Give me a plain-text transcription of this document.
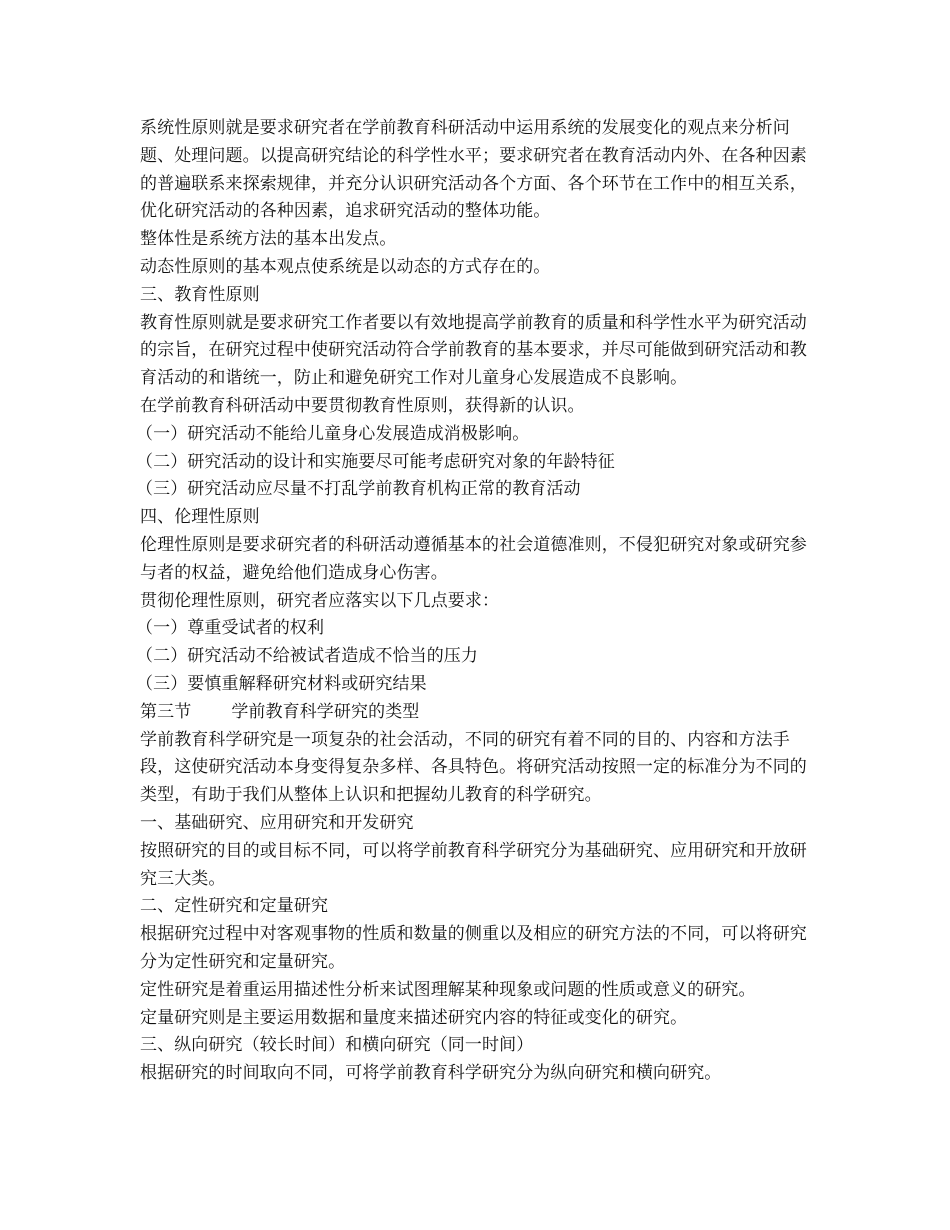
系统性原则就是要求研究者在学前教育科研活动中运用系统的发展变化的观点来分析问题、处理问题。以提高研究结论的科学性水平；要求研究者在教育活动内外、在各种因素的普遍联系来探索规律，并充分认识研究活动各个方面、各个环节在工作中的相互关系，优化研究活动的各种因素，追求研究活动的整体功能。

整体性是系统方法的基本出发点。

动态性原则的基本观点使系统是以动态的方式存在的。

三、教育性原则

教育性原则就是要求研究工作者要以有效地提高学前教育的质量和科学性水平为研究活动的宗旨，在研究过程中使研究活动符合学前教育的基本要求，并尽可能做到研究活动和教育活动的和谐统一，防止和避免研究工作对儿童身心发展造成不良影响。

在学前教育科研活动中要贯彻教育性原则，获得新的认识。

（一）研究活动不能给儿童身心发展造成消极影响。

（二）研究活动的设计和实施要尽可能考虑研究对象的年龄特征

（三）研究活动应尽量不打乱学前教育机构正常的教育活动

四、伦理性原则

伦理性原则是要求研究者的科研活动遵循基本的社会道德准则，不侵犯研究对象或研究参与者的权益，避免给他们造成身心伤害。

贯彻伦理性原则，研究者应落实以下几点要求：

（一）尊重受试者的权利

（二）研究活动不给被试者造成不恰当的压力

（三）要慎重解释研究材料或研究结果

第三节 学前教育科学研究的类型

学前教育科学研究是一项复杂的社会活动，不同的研究有着不同的目的、内容和方法手段，这使研究活动本身变得复杂多样、各具特色。将研究活动按照一定的标准分为不同的类型，有助于我们从整体上认识和把握幼儿教育的科学研究。

一、基础研究、应用研究和开发研究

按照研究的目的或目标不同，可以将学前教育科学研究分为基础研究、应用研究和开放研究三大类。

二、定性研究和定量研究

根据研究过程中对客观事物的性质和数量的侧重以及相应的研究方法的不同，可以将研究分为定性研究和定量研究。

定性研究是着重运用描述性分析来试图理解某种现象或问题的性质或意义的研究。

定量研究则是主要运用数据和量度来描述研究内容的特征或变化的研究。

三、纵向研究（较长时间）和横向研究（同一时间）

根据研究的时间取向不同，可将学前教育科学研究分为纵向研究和横向研究。
